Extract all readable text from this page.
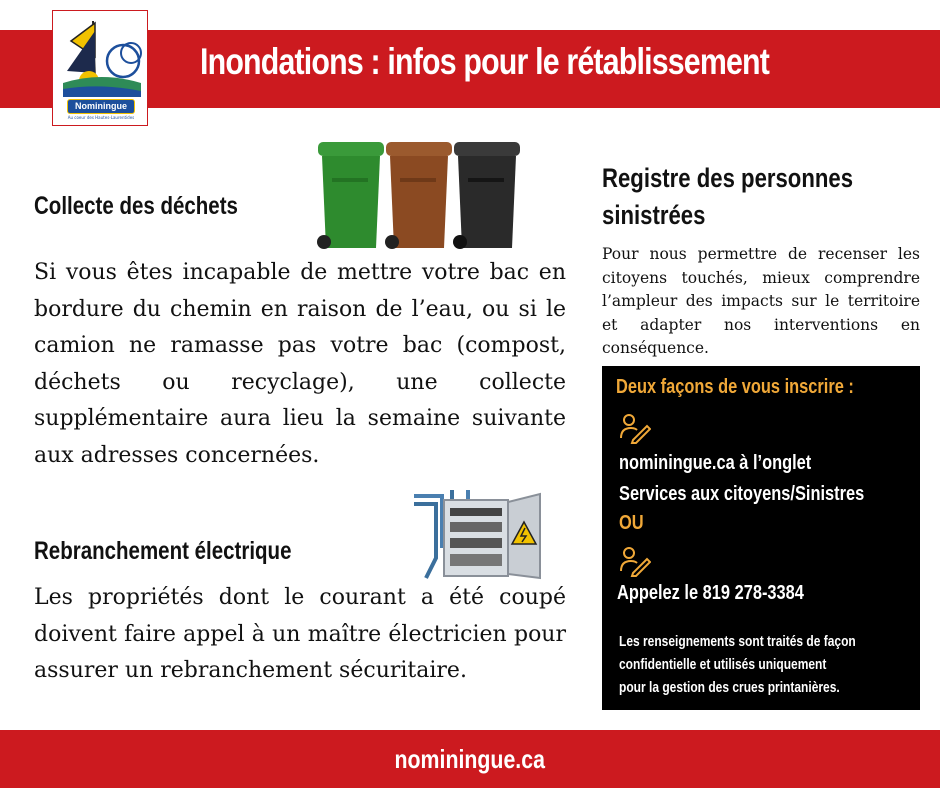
Inondations : infos pour le rétablissement
Nominingue
Au coeur des Hautes-Laurentides
Collecte des déchets
Si vous êtes incapable de mettre votre bac en bordure du chemin en raison de l’eau, ou si le camion ne ramasse pas votre bac (compost, déchets ou recyclage), une collecte supplémentaire aura lieu la semaine suivante aux adresses concernées.
Rebranchement électrique
Les propriétés dont le courant a été coupé doivent faire appel à un maître électricien pour assurer un rebranchement sécuritaire.
Registre des personnes
sinistrées
Pour nous permettre de recenser les citoyens touchés, mieux comprendre l’ampleur des impacts sur le territoire et adapter nos interventions en conséquence.
Deux façons de vous inscrire :
nominingue.ca à l’onglet
Services aux citoyens/Sinistres
OU
Appelez le 819 278-3384
Les renseignements sont traités de façon
confidentielle et utilisés uniquement
pour la gestion des crues printanières.
nominingue.ca
